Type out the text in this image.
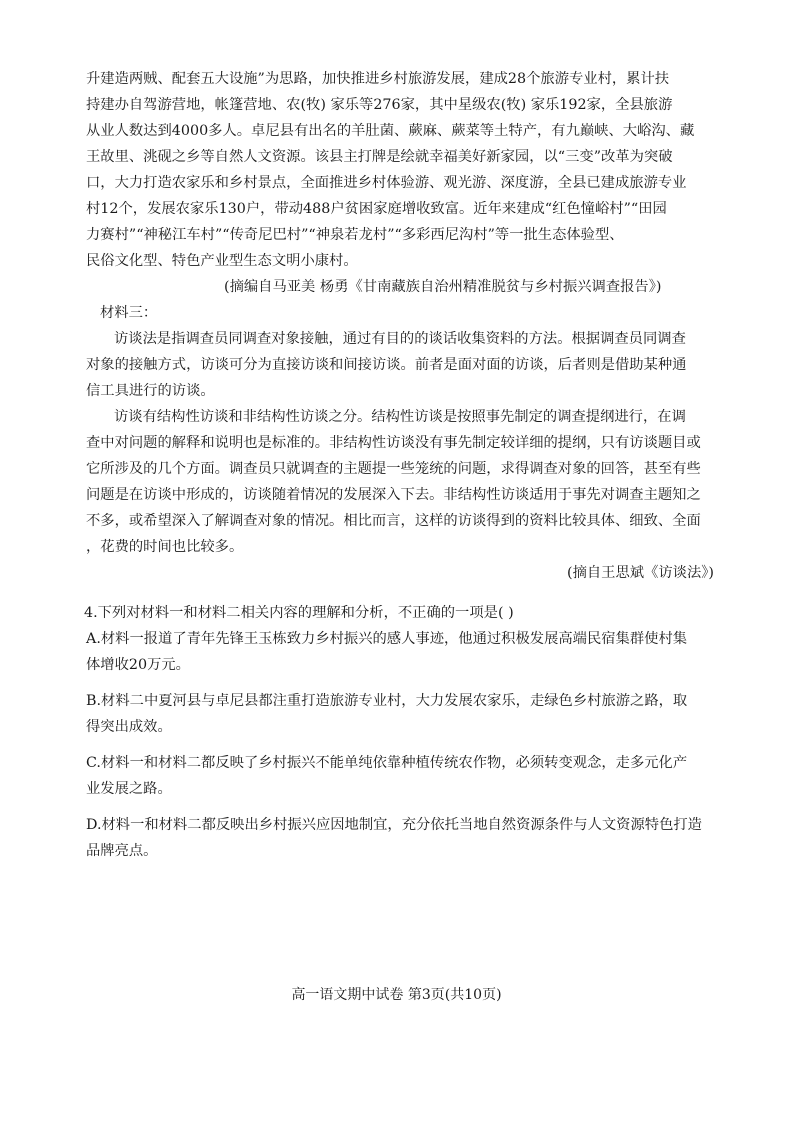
升建造两贼、配套五大设施”为思路，加快推进乡村旅游发展，建成28个旅游专业村，累计扶

持建办自驾游营地，帐篷营地、农(牧) 家乐等276家，其中星级农(牧) 家乐192家，全县旅游

从业人数达到4000多人。卓尼县有出名的羊肚菌、蕨麻、蕨菜等土特产，有九巅峡、大峪沟、藏

王故里、洮砚之乡等自然人文资源。该县主打牌是绘就幸福美好新家园，以“三变”改革为突破

口，大力打造农家乐和乡村景点，全面推进乡村体验游、观光游、深度游，全县已建成旅游专业

村12个，发展农家乐130户，带动488户贫困家庭增收致富。近年来建成“红色憧峪村”“田园

力赛村”“神秘江车村”“传奇尼巴村”“神泉若龙村”“多彩西尼沟村”等一批生态体验型、

民俗文化型、特色产业型生态文明小康村。

(摘编自马亚美 杨勇《甘南藏族自治州精准脱贫与乡村振兴调查报告》)

材料三：

访谈法是指调查员同调查对象接触，通过有目的的谈话收集资料的方法。根据调查员同调查

对象的接触方式，访谈可分为直接访谈和间接访谈。前者是面对面的访谈，后者则是借助某种通

信工具进行的访谈。

访谈有结构性访谈和非结构性访谈之分。结构性访谈是按照事先制定的调查提纲进行，在调

查中对问题的解释和说明也是标准的。非结构性访谈没有事先制定较详细的提纲，只有访谈题目或

它所涉及的几个方面。调查员只就调查的主题提一些笼统的问题，求得调查对象的回答，甚至有些

问题是在访谈中形成的，访谈随着情况的发展深入下去。非结构性访谈适用于事先对调查主题知之

不多，或希望深入了解调查对象的情况。相比而言，这样的访谈得到的资料比较具体、细致、全面

，花费的时间也比较多。

(摘自王思斌《访谈法》)

4.下列对材料一和材料二相关内容的理解和分析，不正确的一项是( )

A.材料一报道了青年先锋王玉栋致力乡村振兴的感人事迹，他通过积极发展高端民宿集群使村集

体增收20万元。

B.材料二中夏河县与卓尼县都注重打造旅游专业村，大力发展农家乐，走绿色乡村旅游之路，取

得突出成效。

C.材料一和材料二都反映了乡村振兴不能单纯依靠种植传统农作物，必须转变观念，走多元化产

业发展之路。

D.材料一和材料二都反映出乡村振兴应因地制宜，充分依托当地自然资源条件与人文资源特色打造

品牌亮点。

高一语文期中试卷 第3页(共10页)
